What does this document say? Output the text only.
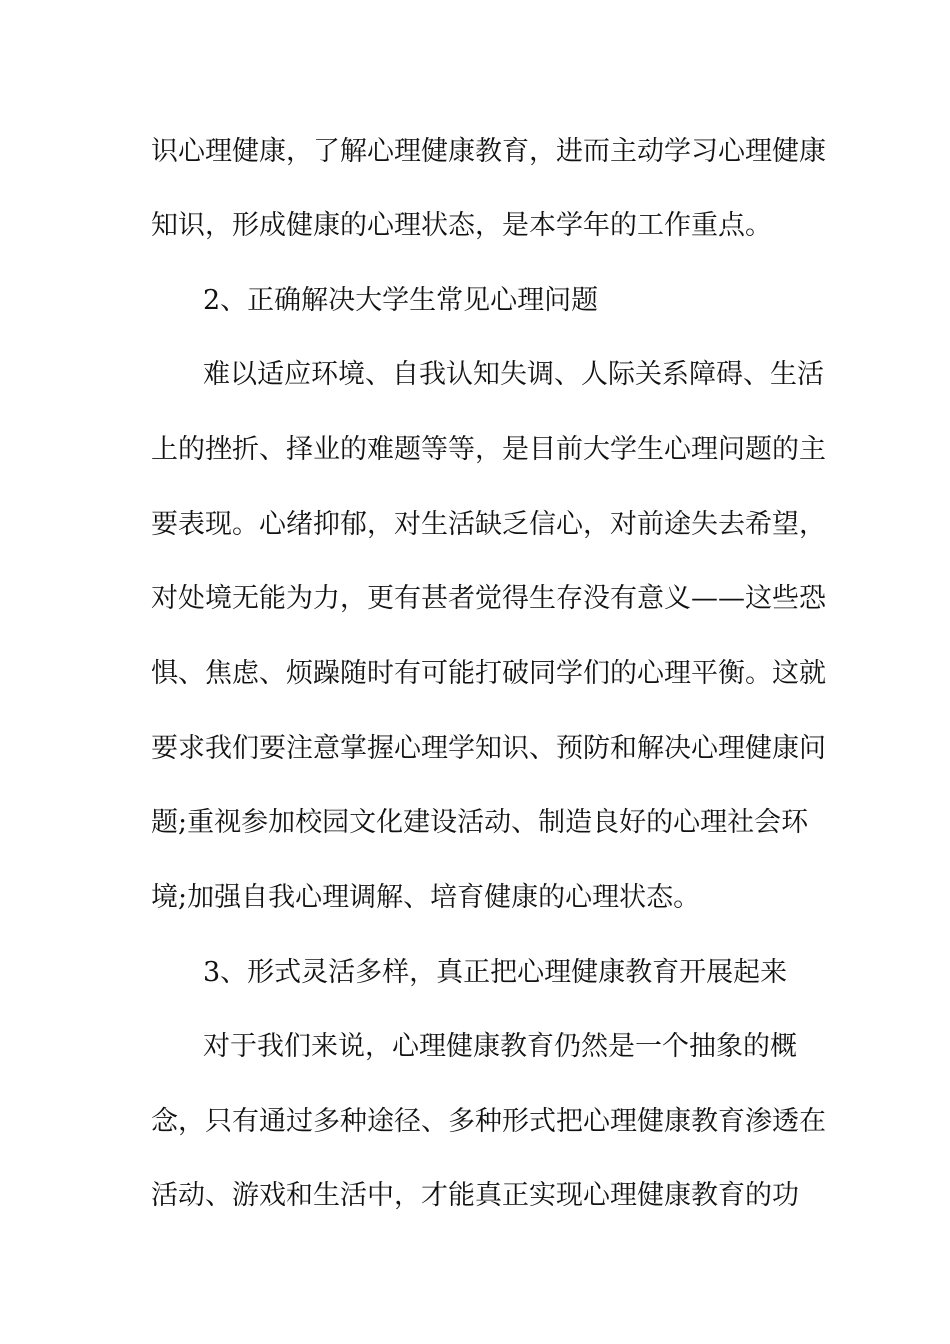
识心理健康，了解心理健康教育，进而主动学习心理健康
知识，形成健康的心理状态，是本学年的工作重点。
2、正确解决大学生常见心理问题
难以适应环境、自我认知失调、人际关系障碍、生活
上的挫折、择业的难题等等，是目前大学生心理问题的主
要表现。心绪抑郁，对生活缺乏信心，对前途失去希望，
对处境无能为力，更有甚者觉得生存没有意义——这些恐
惧、焦虑、烦躁随时有可能打破同学们的心理平衡。这就
要求我们要注意掌握心理学知识、预防和解决心理健康问
题;重视参加校园文化建设活动、制造良好的心理社会环
境;加强自我心理调解、培育健康的心理状态。
3、形式灵活多样，真正把心理健康教育开展起来
对于我们来说，心理健康教育仍然是一个抽象的概
念，只有通过多种途径、多种形式把心理健康教育渗透在
活动、游戏和生活中，才能真正实现心理健康教育的功
